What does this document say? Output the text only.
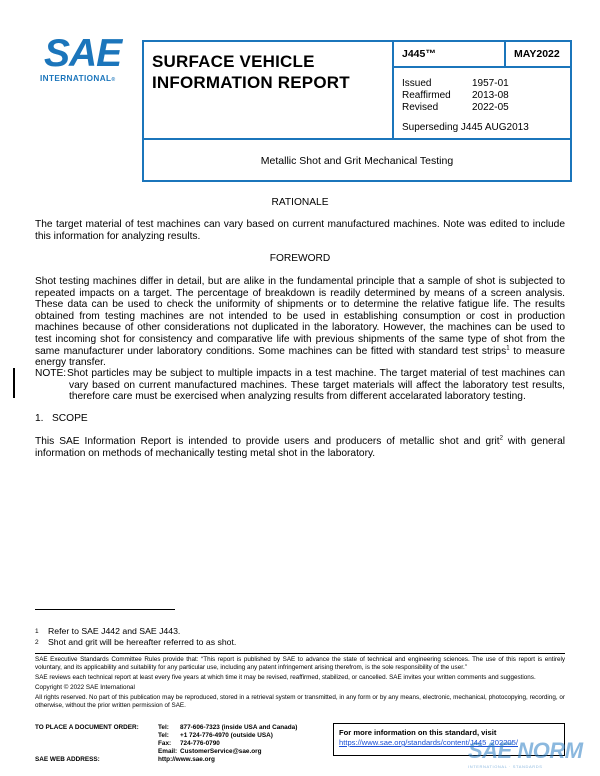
SAE
INTERNATIONAL®
SURFACE VEHICLE
INFORMATION REPORT
J445™	MAY2022
Issued	1957-01
Reaffirmed	2013-08
Revised	2022-05
Superseding J445 AUG2013
Metallic Shot and Grit Mechanical Testing
RATIONALE
The target material of test machines can vary based on current manufactured machines. Note was edited to include this information for analyzing results.
FOREWORD
Shot testing machines differ in detail, but are alike in the fundamental principle that a sample of shot is subjected to repeated impacts on a target. The percentage of breakdown is readily determined by means of a screen analysis. These data can be used to check the uniformity of shipments or to determine the relative fatigue life. The results obtained from testing machines are not intended to be used in establishing consumption or cost in production machines because of other considerations not duplicated in the laboratory. However, the machines can be used to test incoming shot for consistency and comparative life with previous shipments of the same type of shot from the same manufacturer under laboratory conditions. Some machines can be fitted with standard test strips$^1$ to measure energy transfer.
NOTE: Shot particles may be subject to multiple impacts in a test machine. The target material of test machines can vary based on current manufactured machines. These target materials will affect the laboratory test results, therefore care must be exercised when analyzing results from different accelarated laboratory testing.
1.   SCOPE
This SAE Information Report is intended to provide users and producers of metallic shot and grit$^2$ with general information on methods of mechanically testing metal shot in the laboratory.
1 Refer to SAE J442 and SAE J443.
2 Shot and grit will be hereafter referred to as shot.
SAE Executive Standards Committee Rules provide that: “This report is published by SAE to advance the state of technical and engineering sciences. The use of this report is entirely voluntary, and its applicability and suitability for any particular use, including any patent infringement arising therefrom, is the sole responsibility of the user.”
SAE reviews each technical report at least every five years at which time it may be revised, reaffirmed, stabilized, or cancelled. SAE invites your written comments and suggestions.
Copyright © 2022 SAE International
All rights reserved. No part of this publication may be reproduced, stored in a retrieval system or transmitted, in any form or by any means, electronic, mechanical, photocopying, recording, or otherwise, without the prior written permission of SAE.
TO PLACE A DOCUMENT ORDER:	Tel:	877-606-7323 (inside USA and Canada)
Tel:	+1 724-776-4970 (outside USA)
Fax:	724-776-0790
Email: CustomerService@sae.org
SAE WEB ADDRESS:	http://www.sae.org
For more information on this standard, visit
https://www.sae.org/standards/content/J445_202205/
SAE NORM
INTERNATIONAL · STANDARDS
